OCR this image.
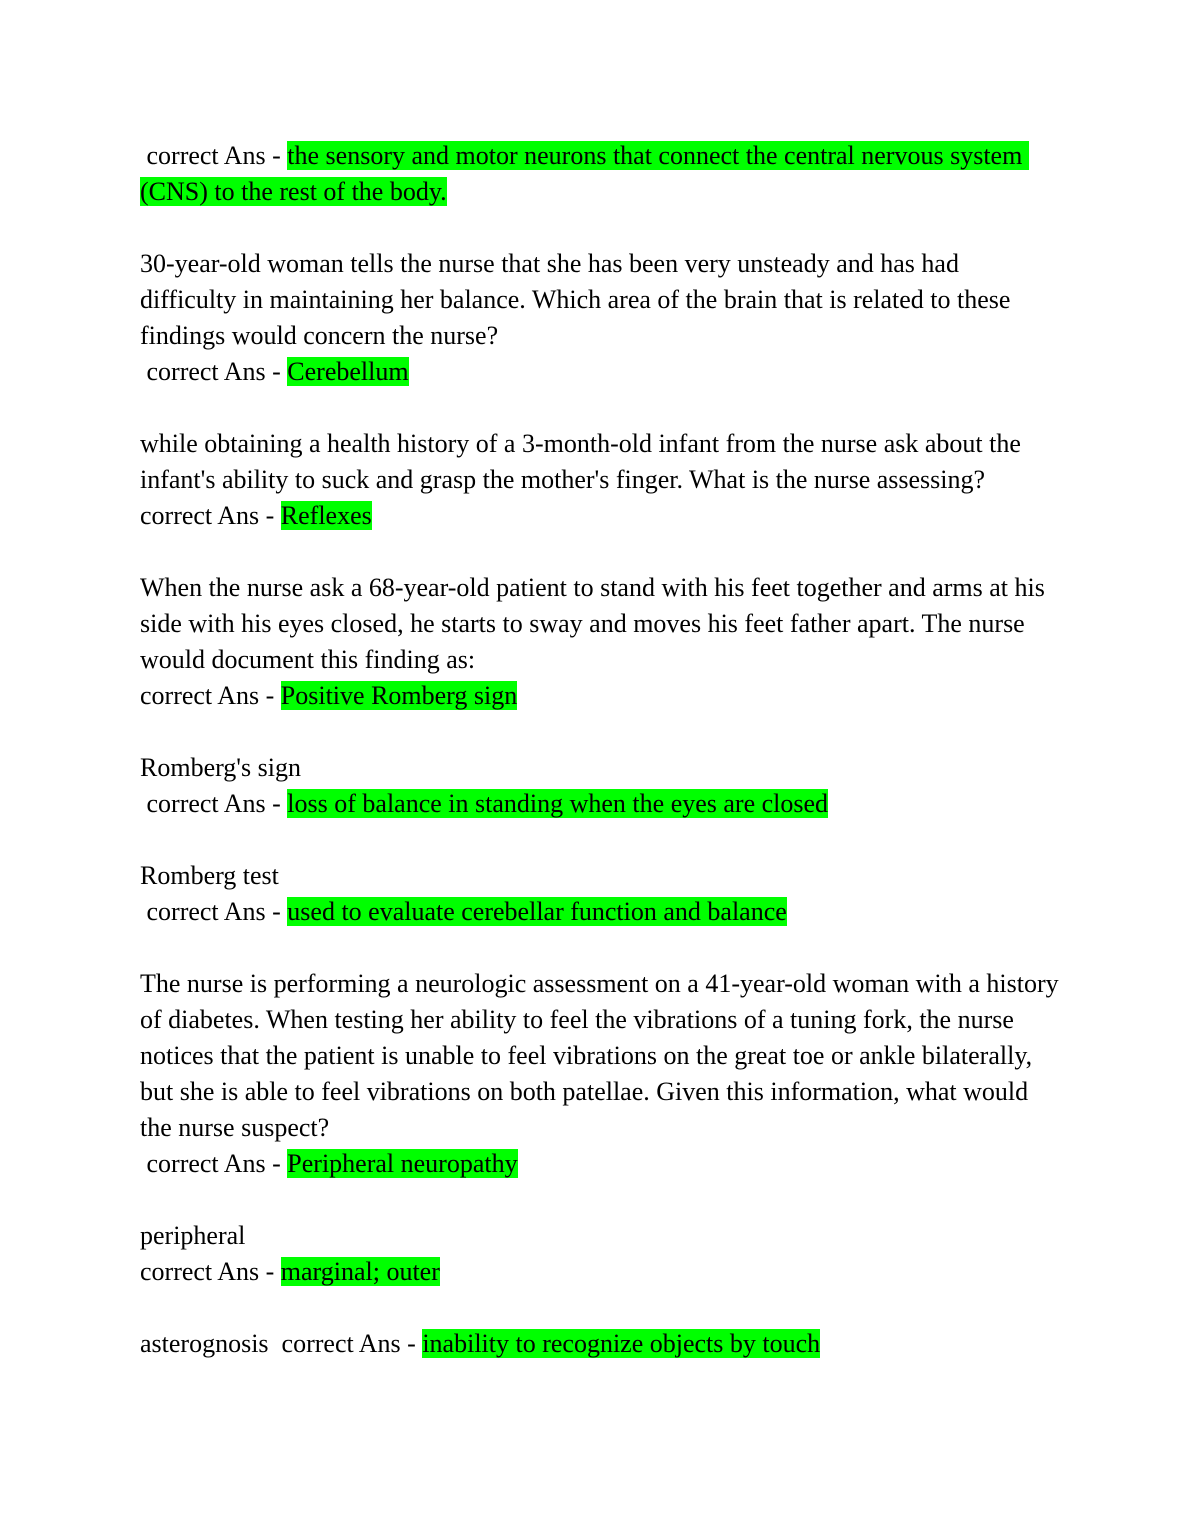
correct Ans - the sensory and motor neurons that connect the central nervous system (CNS) to the rest of the body.
30-year-old woman tells the nurse that she has been very unsteady and has had difficulty in maintaining her balance. Which area of the brain that is related to these findings would concern the nurse?
correct Ans - Cerebellum
while obtaining a health history of a 3-month-old infant from the nurse ask about the infant's ability to suck and grasp the mother's finger. What is the nurse assessing?
correct Ans - Reflexes
When the nurse ask a 68-year-old patient to stand with his feet together and arms at his side with his eyes closed, he starts to sway and moves his feet father apart. The nurse would document this finding as:
correct Ans - Positive Romberg sign
Romberg's sign
correct Ans - loss of balance in standing when the eyes are closed
Romberg test
correct Ans - used to evaluate cerebellar function and balance
The nurse is performing a neurologic assessment on a 41-year-old woman with a history of diabetes. When testing her ability to feel the vibrations of a tuning fork, the nurse notices that the patient is unable to feel vibrations on the great toe or ankle bilaterally, but she is able to feel vibrations on both patellae. Given this information, what would the nurse suspect?
correct Ans - Peripheral neuropathy
peripheral
correct Ans - marginal; outer
asterognosis  correct Ans - inability to recognize objects by touch
